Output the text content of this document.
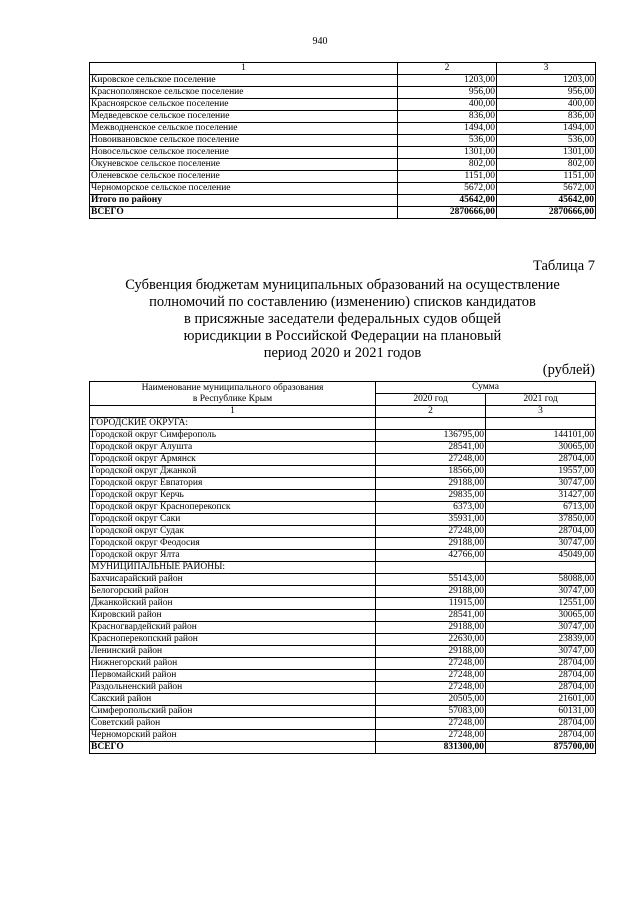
940
1	2	3
Кировское сельское поселение	1203,00	1203,00
Краснополянское сельское поселение	956,00	956,00
Красноярское сельское поселение	400,00	400,00
Медведевское сельское поселение	836,00	836,00
Межводненское сельское поселение	1494,00	1494,00
Новоивановское сельское поселение	536,00	536,00
Новосельское сельское поселение	1301,00	1301,00
Окуневское сельское поселение	802,00	802,00
Оленевское сельское поселение	1151,00	1151,00
Черноморское сельское поселение	5672,00	5672,00
Итого по району	45642,00	45642,00
ВСЕГО	2870666,00	2870666,00
Таблица 7
Субвенция бюджетам муниципальных образований на осуществление
полномочий по составлению (изменению) списков кандидатов
в присяжные заседатели федеральных судов общей
юрисдикции в Российской Федерации на плановый
период 2020 и 2021 годов
(рублей)
Наименование муниципального образования
в Республике Крым	Сумма	
	2020 год	2021 год
1	2	3
ГОРОДСКИЕ ОКРУГА:		
Городской округ Симферополь	136795,00	144101,00
Городской округ Алушта	28541,00	30065,00
Городской округ Армянск	27248,00	28704,00
Городской округ Джанкой	18566,00	19557,00
Городской округ Евпатория	29188,00	30747,00
Городской округ Керчь	29835,00	31427,00
Городской округ Красноперекопск	6373,00	6713,00
Городской округ Саки	35931,00	37850,00
Городской округ Судак	27248,00	28704,00
Городской округ Феодосия	29188,00	30747,00
Городской округ Ялта	42766,00	45049,00
МУНИЦИПАЛЬНЫЕ РАЙОНЫ:		
Бахчисарайский район	55143,00	58088,00
Белогорский район	29188,00	30747,00
Джанкойский район	11915,00	12551,00
Кировский район	28541,00	30065,00
Красногвардейский район	29188,00	30747,00
Красноперекопский район	22630,00	23839,00
Ленинский район	29188,00	30747,00
Нижнегорский район	27248,00	28704,00
Первомайский район	27248,00	28704,00
Раздольненский район	27248,00	28704,00
Сакский район	20505,00	21601,00
Симферопольский район	57083,00	60131,00
Советский район	27248,00	28704,00
Черноморский район	27248,00	28704,00
ВСЕГО	831300,00	875700,00
